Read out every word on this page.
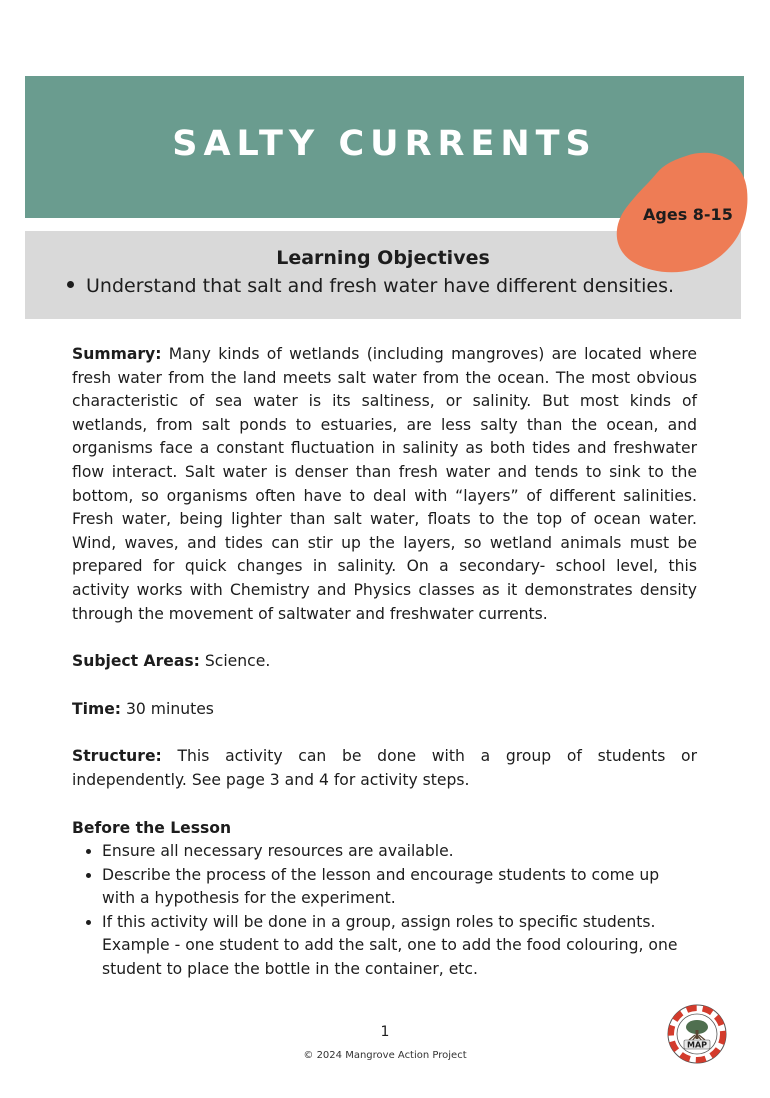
SALTY CURRENTS
Learning Objectives
Understand that salt and fresh water have different densities.
Ages 8-15

Summary: Many kinds of wetlands (including mangroves) are located where fresh water from the land meets salt water from the ocean. The most obvious characteristic of sea water is its saltiness, or salinity. But most kinds of wetlands, from salt ponds to estuaries, are less salty than the ocean, and organisms face a constant fluctuation in salinity as both tides and freshwater flow interact. Salt water is denser than fresh water and tends to sink to the bottom, so organisms often have to deal with “layers” of different salinities. Fresh water, being lighter than salt water, floats to the top of ocean water. Wind, waves, and tides can stir up the layers, so wetland animals must be prepared for quick changes in salinity. On a secondary- school level, this activity works with Chemistry and Physics classes as it demonstrates density through the movement of saltwater and freshwater currents.

Subject Areas: Science.

Time: 30 minutes

Structure: This activity can be done with a group of students or independently. See page 3 and 4 for activity steps.

Before the Lesson

• Ensure all necessary resources are available.
• Describe the process of the lesson and encourage students to come up with a hypothesis for the experiment.
• If this activity will be done in a group, assign roles to specific students. Example - one student to add the salt, one to add the food colouring, one student to place the bottle in the container, etc.
1
© 2024 Mangrove Action Project
MAP
